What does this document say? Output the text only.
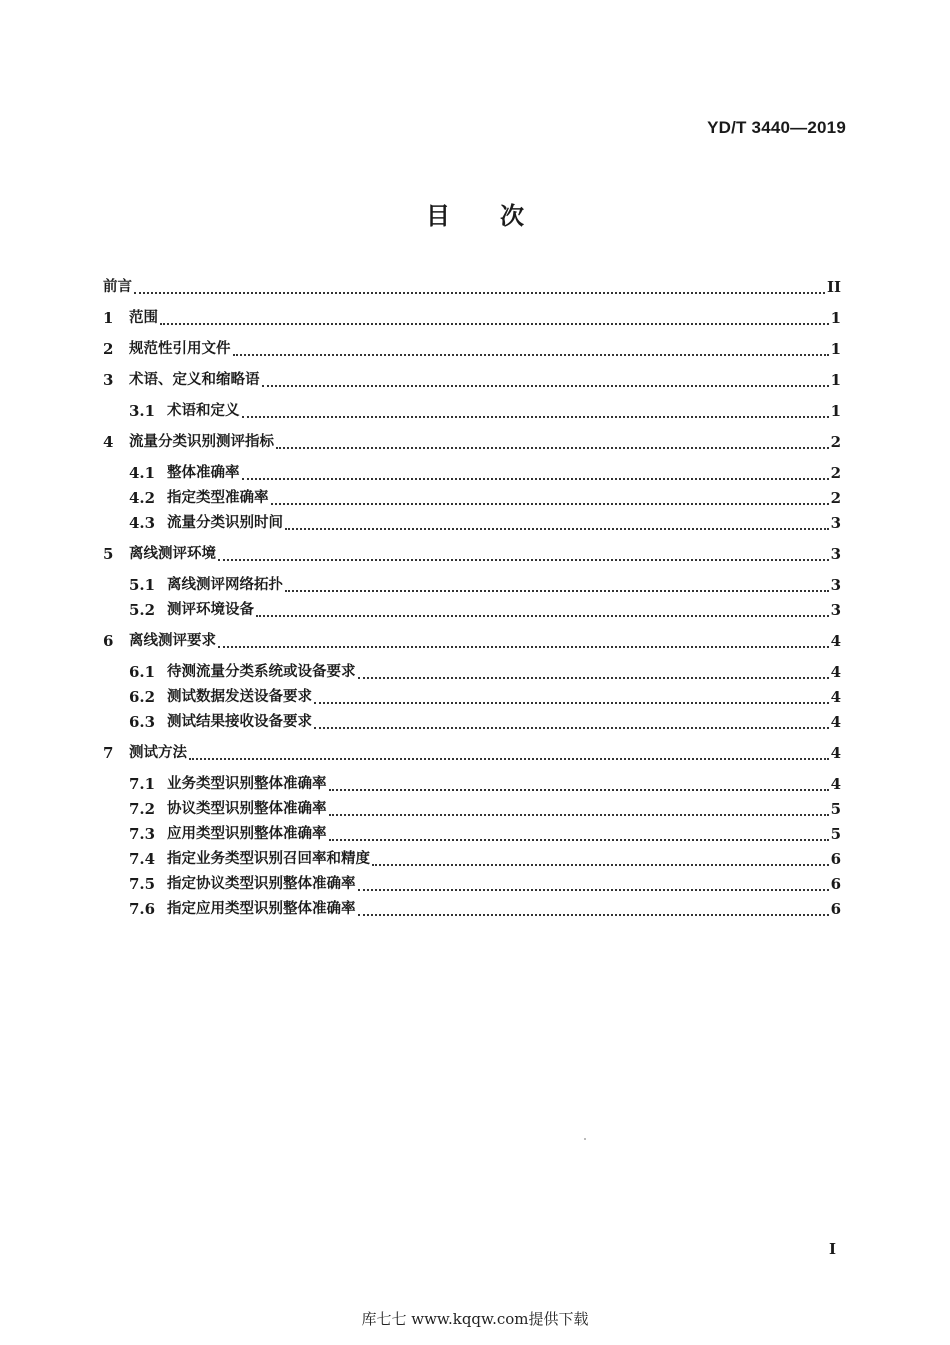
YD/T 3440—2019
目次
前言	II
1	范围	1
2	规范性引用文件	1
3	术语、定义和缩略语	1
3.1 术语和定义	1
4	流量分类识别测评指标	2
4.1 整体准确率	2
4.2 指定类型准确率	2
4.3 流量分类识别时间	3
5	离线测评环境	3
5.1 离线测评网络拓扑	3
5.2 测评环境设备	3
6	离线测评要求	4
6.1 待测流量分类系统或设备要求	4
6.2 测试数据发送设备要求	4
6.3 测试结果接收设备要求	4
7	测试方法	4
7.1 业务类型识别整体准确率	4
7.2 协议类型识别整体准确率	5
7.3 应用类型识别整体准确率	5
7.4 指定业务类型识别召回率和精度	6
7.5 指定协议类型识别整体准确率	6
7.6 指定应用类型识别整体准确率	6
I
库七七 www.kqqw.com提供下载
